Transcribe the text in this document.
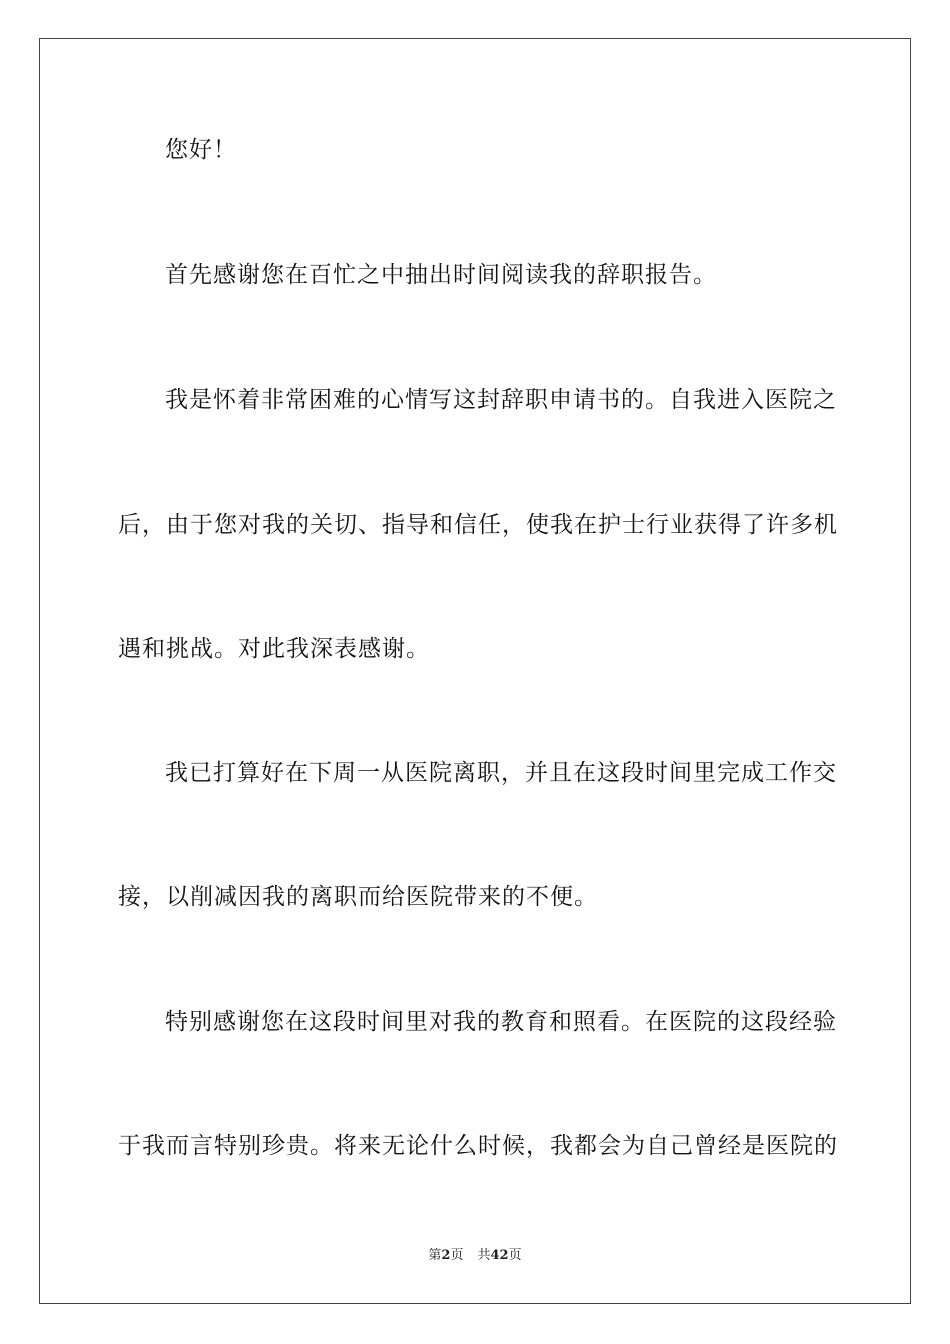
您好！
首先感谢您在百忙之中抽出时间阅读我的辞职报告。
我是怀着非常困难的心情写这封辞职申请书的。自我进入医院之
后，由于您对我的关切、指导和信任，使我在护士行业获得了许多机
遇和挑战。对此我深表感谢。
我已打算好在下周一从医院离职，并且在这段时间里完成工作交
接，以削减因我的离职而给医院带来的不便。
特别感谢您在这段时间里对我的教育和照看。在医院的这段经验
于我而言特别珍贵。将来无论什么时候，我都会为自己曾经是医院的
第2页 共42页
